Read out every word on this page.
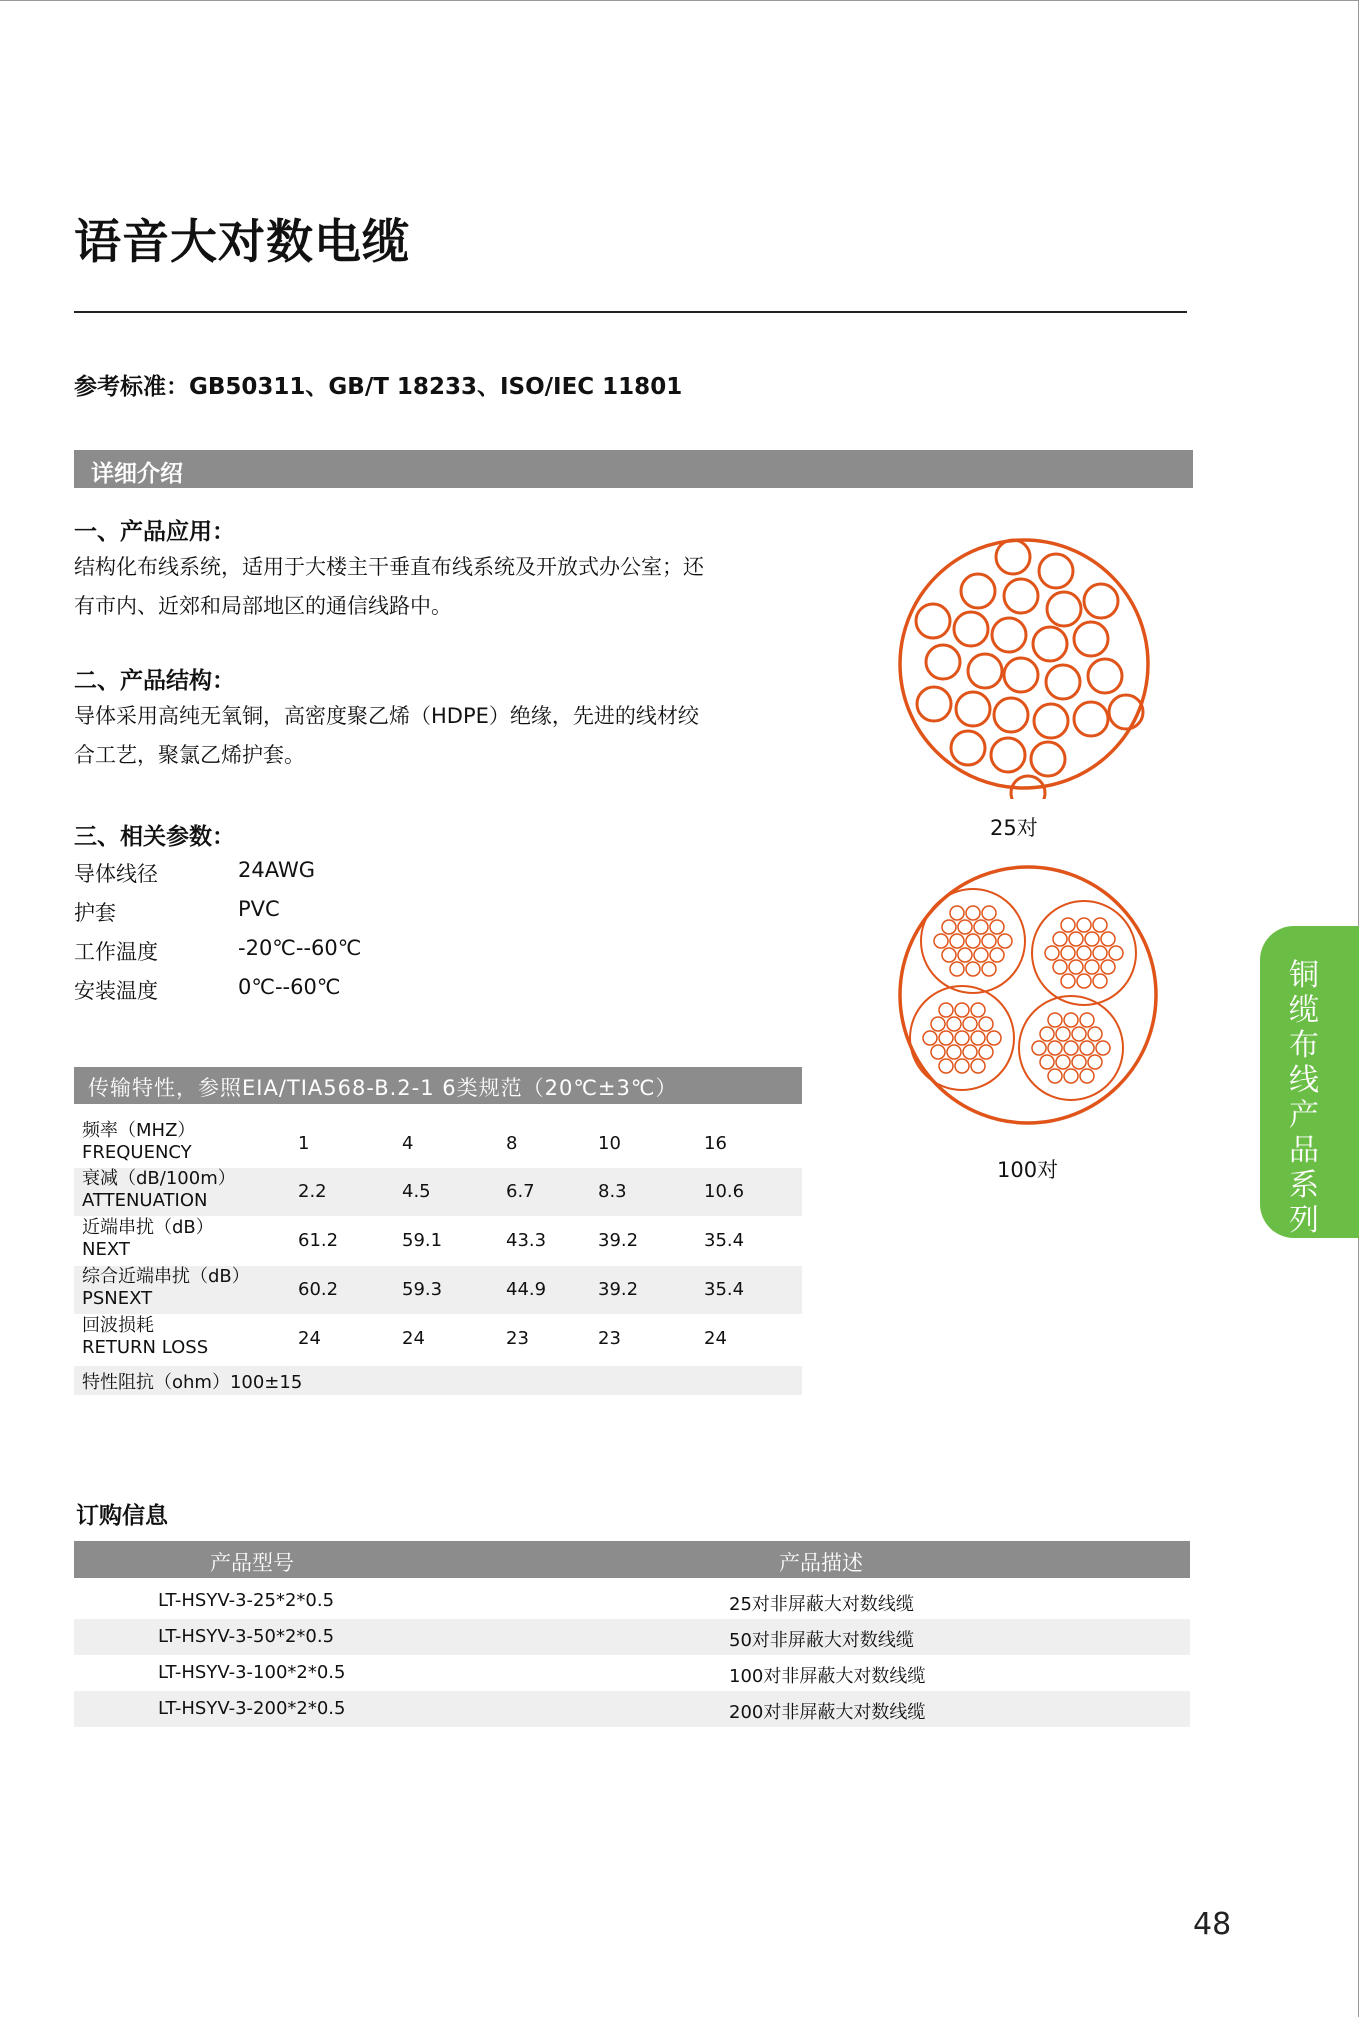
语音大对数电缆
参考标准：GB50311、GB/T 18233、ISO/IEC 11801
详细介绍
一、产品应用：
结构化布线系统，适用于大楼主干垂直布线系统及开放式办公室；还
有市内、近郊和局部地区的通信线路中。
二、产品结构：
导体采用高纯无氧铜，高密度聚乙烯（HDPE）绝缘，先进的线材绞
合工艺，聚氯乙烯护套。
三、相关参数：
导体线径	24AWG
护套	PVC
工作温度	-20℃--60℃
安装温度	0℃--60℃
传输特性，参照EIA/TIA568-B.2-1 6类规范（20℃±3℃）
频率（MHZ）
FREQUENCY	1	4	8	10	16
衰减（dB/100m）
ATTENUATION	2.2	4.5	6.7	8.3	10.6
近端串扰（dB）
NEXT	61.2	59.1	43.3	39.2	35.4
综合近端串扰（dB）
PSNEXT	60.2	59.3	44.9	39.2	35.4
回波损耗
RETURN LOSS	24	24	23	23	24
特性阻抗（ohm）100±15
25对
100对
订购信息
产品型号	产品描述
LT-HSYV-3-25*2*0.5	25对非屏蔽大对数线缆
LT-HSYV-3-50*2*0.5	50对非屏蔽大对数线缆
LT-HSYV-3-100*2*0.5	100对非屏蔽大对数线缆
LT-HSYV-3-200*2*0.5	200对非屏蔽大对数线缆
铜缆布线产品系列
48
